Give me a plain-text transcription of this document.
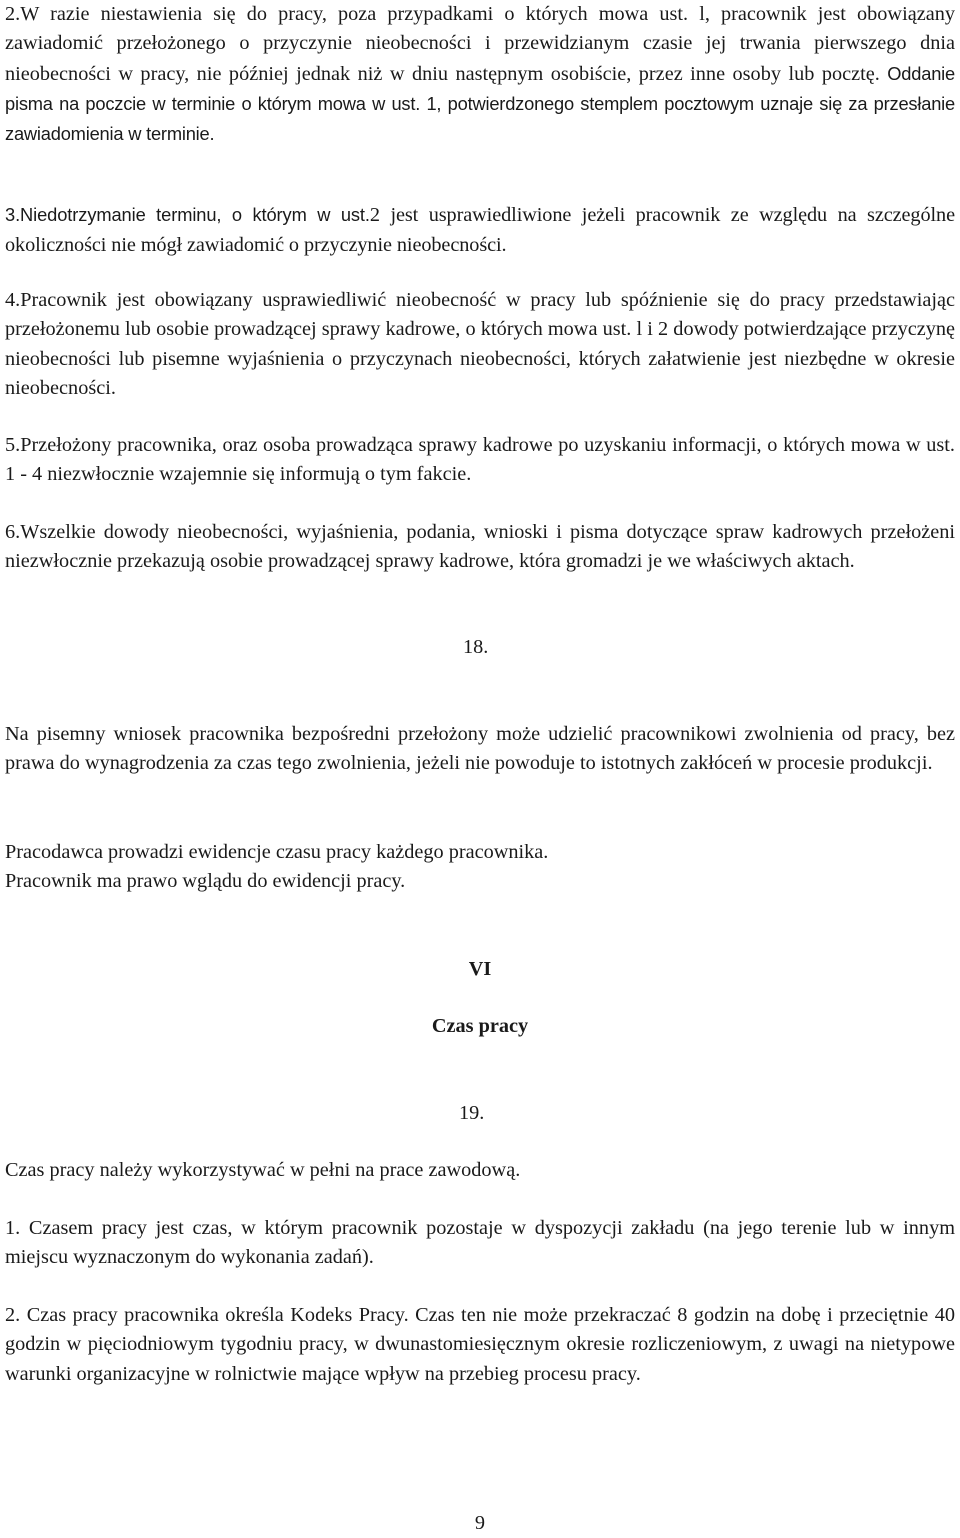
2.W razie niestawienia się do pracy, poza przypadkami o których mowa ust. l, pracownik jest obowiązany zawiadomić przełożonego o przyczynie nieobecności i przewidzianym czasie jej trwania pierwszego dnia nieobecności w pracy, nie później jednak niż w dniu następnym osobiście, przez inne osoby lub pocztę. Oddanie pisma na poczcie w terminie o którym mowa w ust. 1, potwierdzonego stemplem pocztowym uznaje się za przesłanie zawiadomienia w terminie.

3.Niedotrzymanie terminu, o którym w ust.2 jest usprawiedliwione jeżeli pracownik ze względu na szczególne okoliczności nie mógł zawiadomić o przyczynie nieobecności.

4.Pracownik jest obowiązany usprawiedliwić nieobecność w pracy lub spóźnienie się do pracy przedstawiając przełożonemu lub osobie prowadzącej sprawy kadrowe, o których mowa ust. l i 2 dowody potwierdzające przyczynę nieobecności lub pisemne wyjaśnienia o przyczynach nieobecności, których załatwienie jest niezbędne w okresie nieobecności.

5.Przełożony pracownika, oraz osoba prowadząca sprawy kadrowe po uzyskaniu informacji, o których mowa w ust. 1 - 4 niezwłocznie wzajemnie się informują o tym fakcie.

6.Wszelkie dowody nieobecności, wyjaśnienia, podania, wnioski i pisma dotyczące spraw kadrowych przełożeni niezwłocznie przekazują osobie prowadzącej sprawy kadrowe, która gromadzi je we właściwych aktach.

18.

Na pisemny wniosek pracownika bezpośredni przełożony może udzielić pracownikowi zwolnienia od pracy, bez prawa do wynagrodzenia za czas tego zwolnienia, jeżeli nie powoduje to istotnych zakłóceń w procesie produkcji.

Pracodawca prowadzi ewidencje czasu pracy każdego pracownika.
Pracownik ma prawo wglądu do ewidencji pracy.

VI

Czas pracy

19.

Czas pracy należy wykorzystywać w pełni na prace zawodową.

1. Czasem pracy jest czas, w którym pracownik pozostaje w dyspozycji zakładu (na jego terenie lub w innym miejscu wyznaczonym do wykonania zadań).

2. Czas pracy pracownika określa Kodeks Pracy. Czas ten nie może przekraczać 8 godzin na dobę i przeciętnie 40 godzin w pięciodniowym tygodniu pracy, w dwunastomiesięcznym okresie rozliczeniowym, z uwagi na nietypowe warunki organizacyjne w rolnictwie mające wpływ na przebieg procesu pracy.

9
